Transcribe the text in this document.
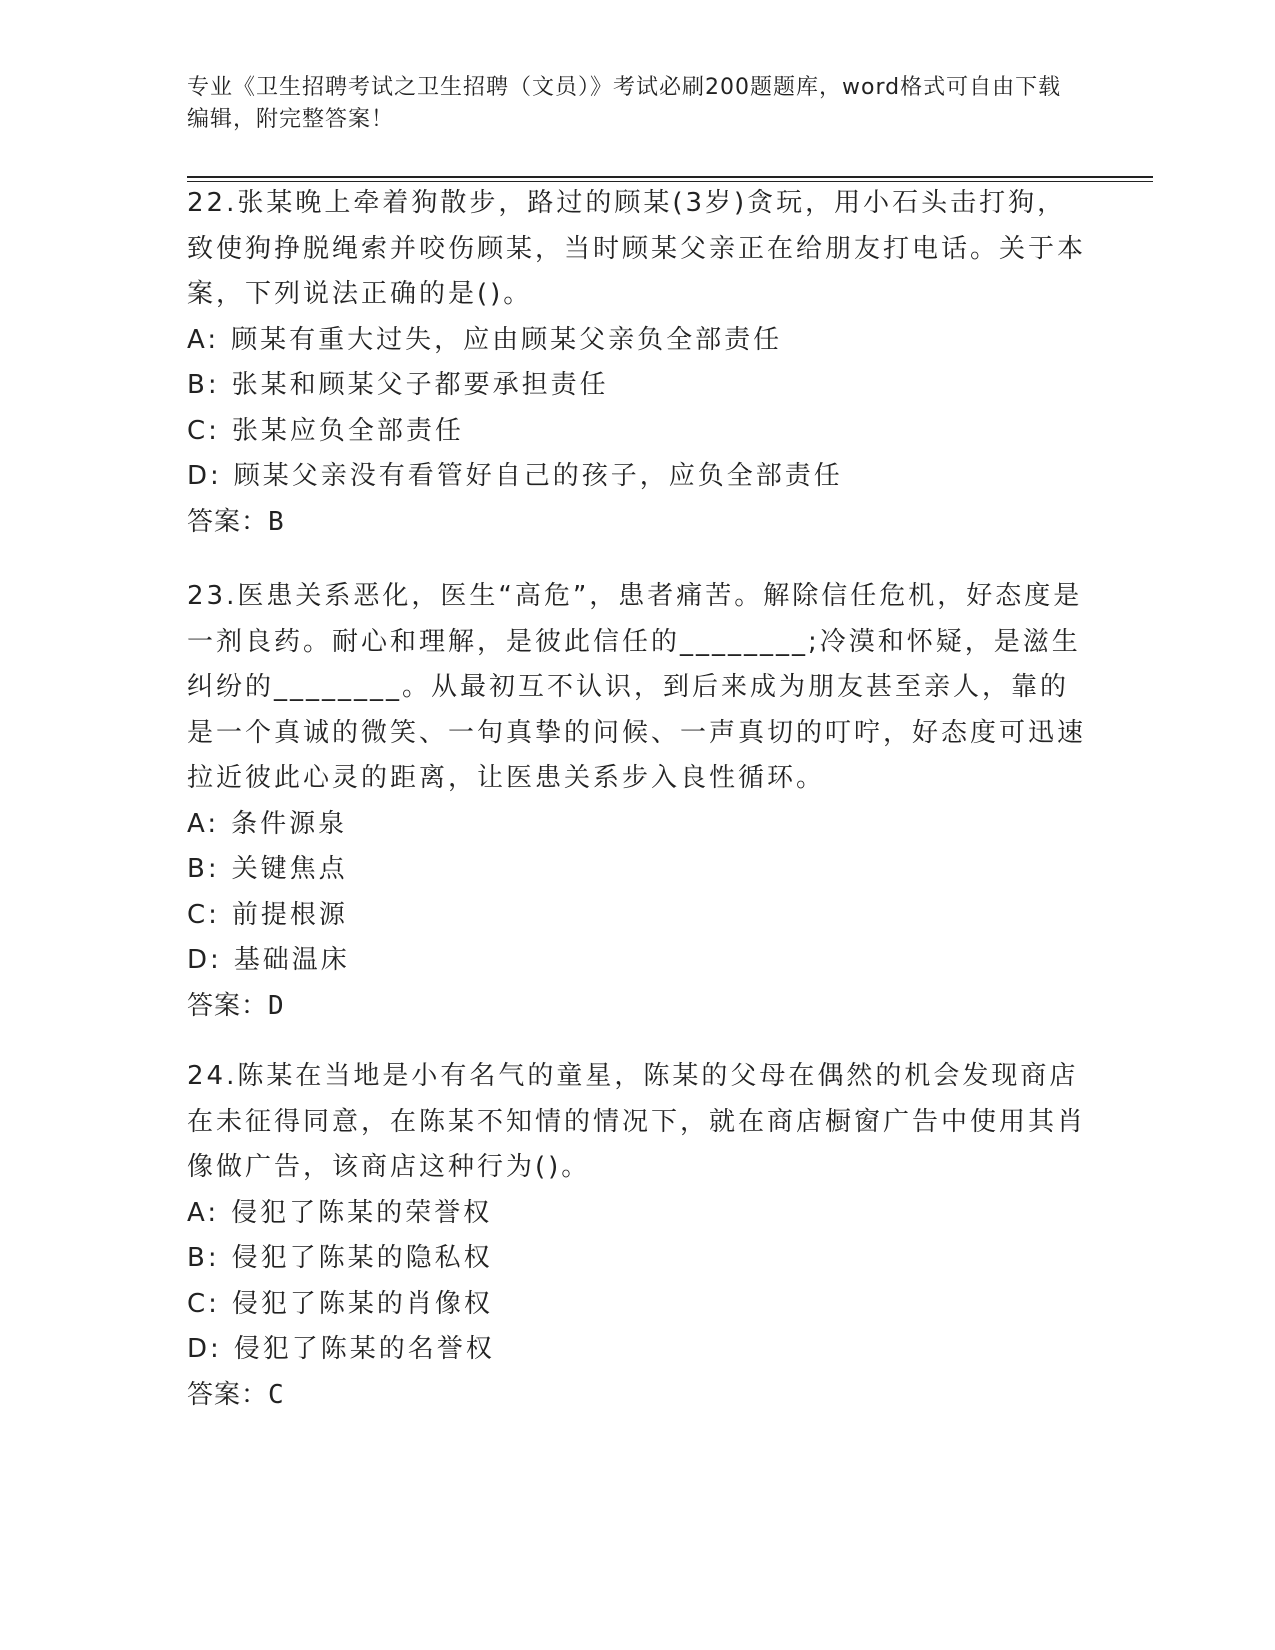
专业《卫生招聘考试之卫生招聘（文员）》考试必刷200题题库，word格式可自由下载编辑，附完整答案！

22.张某晚上牵着狗散步，路过的顾某(3岁)贪玩，用小石头击打狗，致使狗挣脱绳索并咬伤顾某，当时顾某父亲正在给朋友打电话。关于本案，下列说法正确的是()。

A: 顾某有重大过失，应由顾某父亲负全部责任

B: 张某和顾某父子都要承担责任

C: 张某应负全部责任

D: 顾某父亲没有看管好自己的孩子，应负全部责任

答案：B

23.医患关系恶化，医生“高危”，患者痛苦。解除信任危机，好态度是一剂良药。耐心和理解，是彼此信任的________;冷漠和怀疑，是滋生纠纷的________。从最初互不认识，到后来成为朋友甚至亲人，靠的是一个真诚的微笑、一句真挚的问候、一声真切的叮咛，好态度可迅速拉近彼此心灵的距离，让医患关系步入良性循环。

A: 条件源泉

B: 关键焦点

C: 前提根源

D: 基础温床

答案：D

24.陈某在当地是小有名气的童星，陈某的父母在偶然的机会发现商店在未征得同意，在陈某不知情的情况下，就在商店橱窗广告中使用其肖像做广告，该商店这种行为()。

A: 侵犯了陈某的荣誉权

B: 侵犯了陈某的隐私权

C: 侵犯了陈某的肖像权

D: 侵犯了陈某的名誉权

答案：C
